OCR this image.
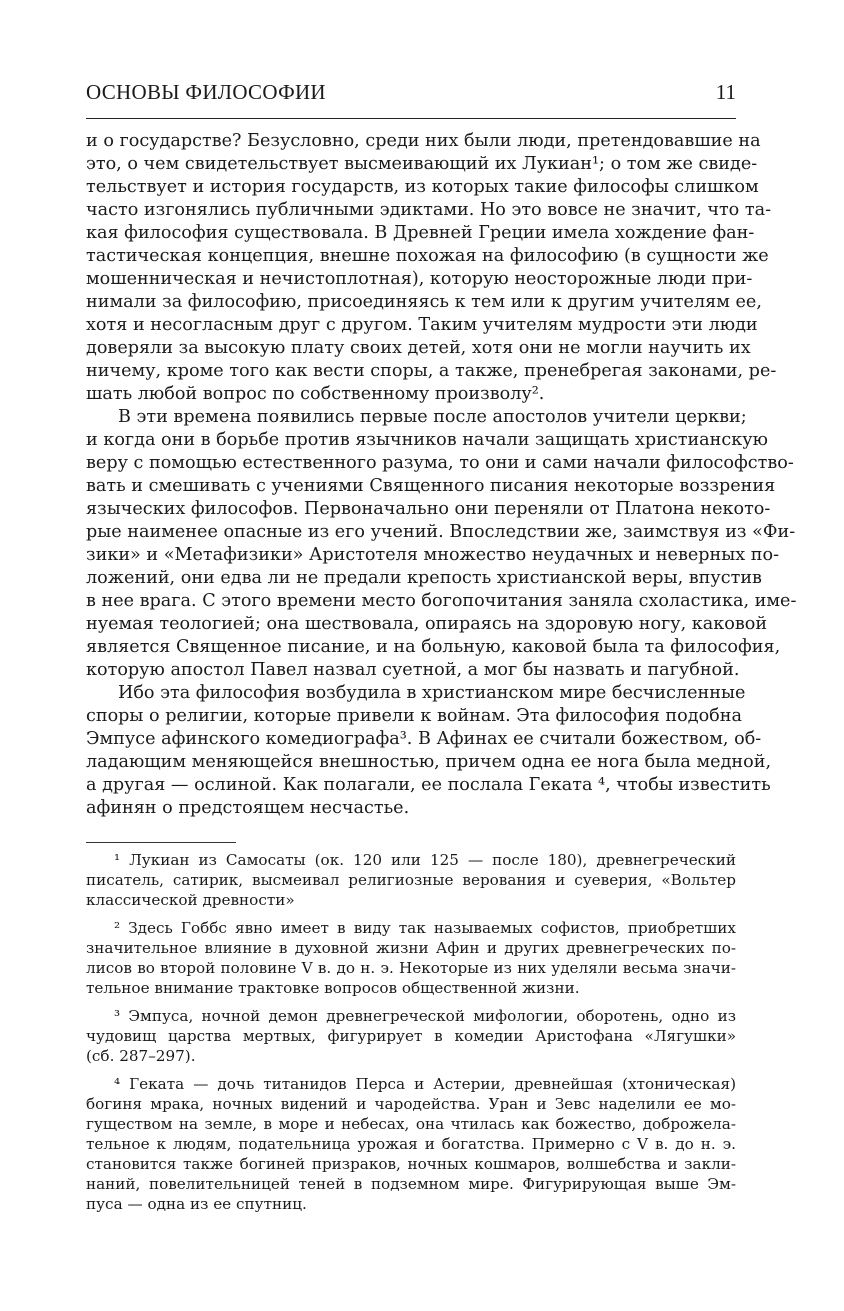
ОСНОВЫ ФИЛОСОФИИ	11
и о государстве? Безусловно, среди них были люди, претендовавшие на
это, о чем свидетельствует высмеивающий их Лукиан¹; о том же свиде-
тельствует и история государств, из которых такие философы слишком
часто изгонялись публичными эдиктами. Но это вовсе не значит, что та-
кая философия существовала. В Древней Греции имела хождение фан-
тастическая концепция, внешне похожая на философию (в сущности же
мошенническая и нечистоплотная), которую неосторожные люди при-
нимали за философию, присоединяясь к тем или к другим учителям ее,
хотя и несогласным друг с другом. Таким учителям мудрости эти люди
доверяли за высокую плату своих детей, хотя они не могли научить их
ничему, кроме того как вести споры, а также, пренебрегая законами, ре-
шать любой вопрос по собственному произволу².
В эти времена появились первые после апостолов учители церкви;
и когда они в борьбе против язычников начали защищать христианскую
веру с помощью естественного разума, то они и сами начали философство-
вать и смешивать с учениями Священного писания некоторые воззрения
языческих философов. Первоначально они переняли от Платона некото-
рые наименее опасные из его учений. Впоследствии же, заимствуя из «Фи-
зики» и «Метафизики» Аристотеля множество неудачных и неверных по-
ложений, они едва ли не предали крепость христианской веры, впустив
в нее врага. С этого времени место богопочитания заняла схоластика, име-
нуемая теологией; она шествовала, опираясь на здоровую ногу, каковой
является Священное писание, и на больную, каковой была та философия,
которую апостол Павел назвал суетной, а мог бы назвать и пагубной.
Ибо эта философия возбудила в христианском мире бесчисленные
споры о религии, которые привели к войнам. Эта философия подобна
Эмпусе афинского комедиографа³. В Афинах ее считали божеством, об-
ладающим меняющейся внешностью, причем одна ее нога была медной,
а другая — ослиной. Как полагали, ее послала Геката ⁴, чтобы известить
афинян о предстоящем несчастье.
¹ Лукиан из Самосаты (ок. 120 или 125 — после 180), древнегреческий
писатель, сатирик, высмеивал религиозные верования и суеверия, «Вольтер
классической древности»
² Здесь Гоббс явно имеет в виду так называемых софистов, приобретших
значительное влияние в духовной жизни Афин и других древнегреческих по-
лисов во второй половине V в. до н. э. Некоторые из них уделяли весьма значи-
тельное внимание трактовке вопросов общественной жизни.
³ Эмпуса, ночной демон древнегреческой мифологии, оборотень, одно из
чудовищ царства мертвых, фигурирует в комедии Аристофана «Лягушки»
(сб. 287–297).
⁴ Геката — дочь титанидов Перса и Астерии, древнейшая (хтоническая)
богиня мрака, ночных видений и чародейства. Уран и Зевс наделили ее мо-
гуществом на земле, в море и небесах, она чтилась как божество, доброжела-
тельное к людям, подательница урожая и богатства. Примерно с V в. до н. э.
становится также богиней призраков, ночных кошмаров, волшебства и закли-
наний, повелительницей теней в подземном мире. Фигурирующая выше Эм-
пуса — одна из ее спутниц.
